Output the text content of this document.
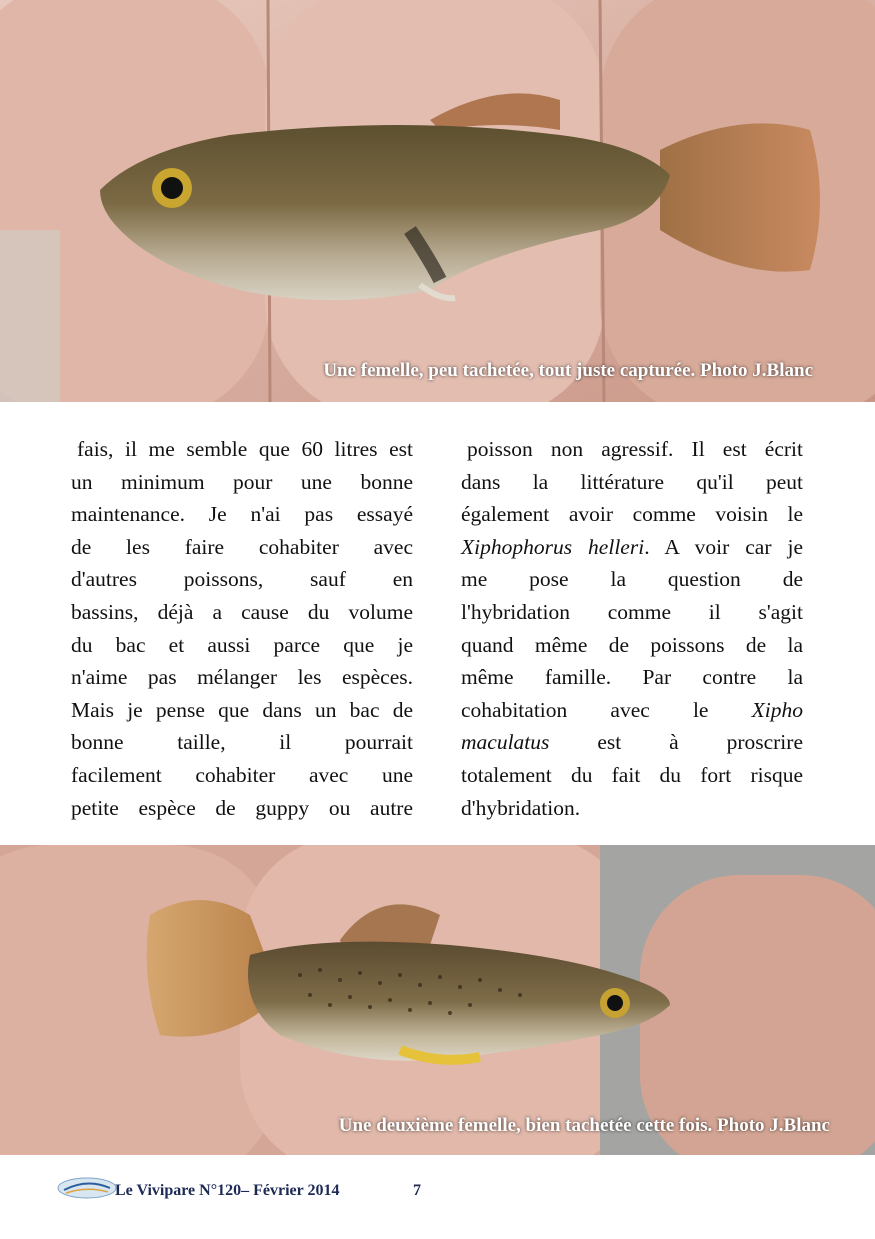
Une femelle, peu tachetée, tout juste capturée. Photo J.Blanc
fais, il me semble que 60 litres est
un minimum pour une bonne
maintenance. Je n'ai pas essayé
de les faire cohabiter avec
d'autres poissons, sauf en
bassins, déjà a cause du volume
du bac et aussi parce que je
n'aime pas mélanger les espèces.
Mais je pense que dans un bac de
bonne taille, il pourrait
facilement cohabiter avec une
petite espèce de guppy ou autre
poisson non agressif. Il est écrit
dans la littérature qu'il peut
également avoir comme voisin le
Xiphophorus helleri. A voir car je
me pose la question de
l'hybridation comme il s'agit
quand même de poissons de la
même famille. Par contre la
cohabitation avec le Xipho
maculatus est à proscrire
totalement du fait du fort risque
d'hybridation.
Une deuxième femelle, bien tachetée cette fois. Photo J.Blanc
Le Vivipare N°120– Février 2014	7
